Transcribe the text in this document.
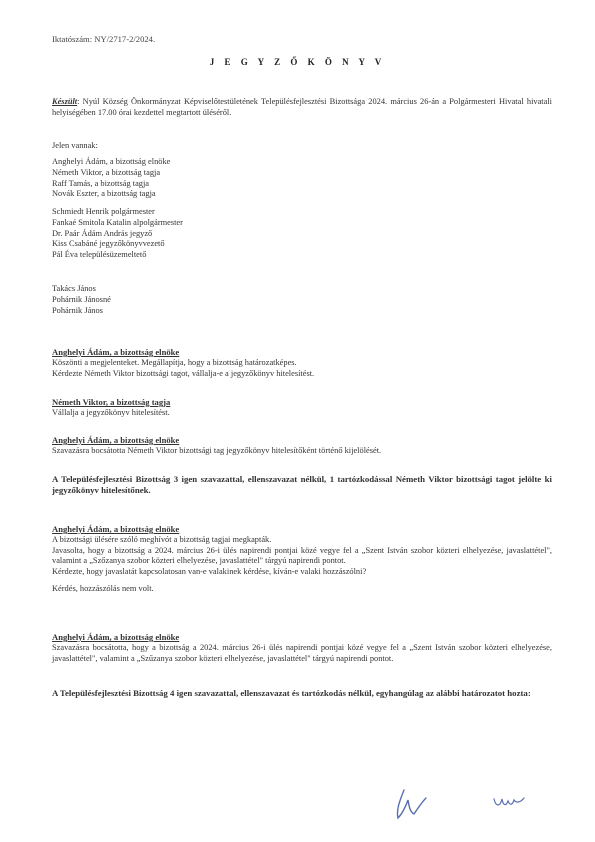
Iktatószám: NY/2717-2/2024.

J E G Y Z Ő K Ö N Y V

Készült: Nyúl Község Önkormányzat Képviselőtestületének Településfejlesztési Bizottsága 2024. március 26-án a Polgármesteri Hivatal hivatali helyiségében 17.00 órai kezdettel megtartott üléséről.

Jelen vannak:

Anghelyi Ádám, a bizottság elnöke
Németh Viktor, a bizottság tagja
Raff Tamás, a bizottság tagja
Novák Eszter, a bizottság tagja
Schmiedt Henrik polgármester
Fankaé Smitola Katalin alpolgármester
Dr. Paár Ádám András jegyző
Kiss Csabáné jegyzőkönyvvezető
Pál Éva településüzemeltető
Takács János
Pohárnik Jánosné
Pohárnik János
Anghelyi Ádám, a bizottság elnöke
Köszönti a megjelenteket. Megállapítja, hogy a bizottság határozatképes.
Kérdezte Németh Viktor bizottsági tagot, vállalja-e a jegyzőkönyv hitelesítést.
Németh Viktor, a bizottság tagja
Vállalja a jegyzőkönyv hitelesítést.
Anghelyi Ádám, a bizottság elnöke
Szavazásra bocsátotta Németh Viktor bizottsági tag jegyzőkönyv hitelesítőként történő kijelölését.

A Településfejlesztési Bizottság 3 igen szavazattal, ellenszavazat nélkül, 1 tartózkodással Németh Viktor bizottsági tagot jelölte ki jegyzőkönyv hitelesítőnek.

Anghelyi Ádám, a bizottság elnöke
A bizottsági ülésére szóló meghívót a bizottság tagjai megkapták.
Javasolta, hogy a bizottság a 2024. március 26-i ülés napirendi pontjai közé vegye fel a „Szent István szobor közteri elhelyezése, javaslattétel", valamint a „Szőzanya szobor közteri elhelyezése, javaslattétel" tárgyú napirendi pontot.
Kérdezte, hogy javaslatát kapcsolatosan van-e valakinek kérdése, kíván-e valaki hozzászólni?
Kérdés, hozzászólás nem volt.
Anghelyi Ádám, a bizottság elnöke
Szavazásra bocsátotta, hogy a bizottság a 2024. március 26-i ülés napirendi pontjai közé vegye fel a „Szent István szobor közteri elhelyezése, javaslattétel", valamint a „Szűzanya szobor közteri elhelyezése, javaslattétel" tárgyú napirendi pontot.

A Településfejlesztési Bizottság 4 igen szavazattal, ellenszavazat és tartózkodás nélkül, egyhangúlag az alábbi határozatot hozta:
